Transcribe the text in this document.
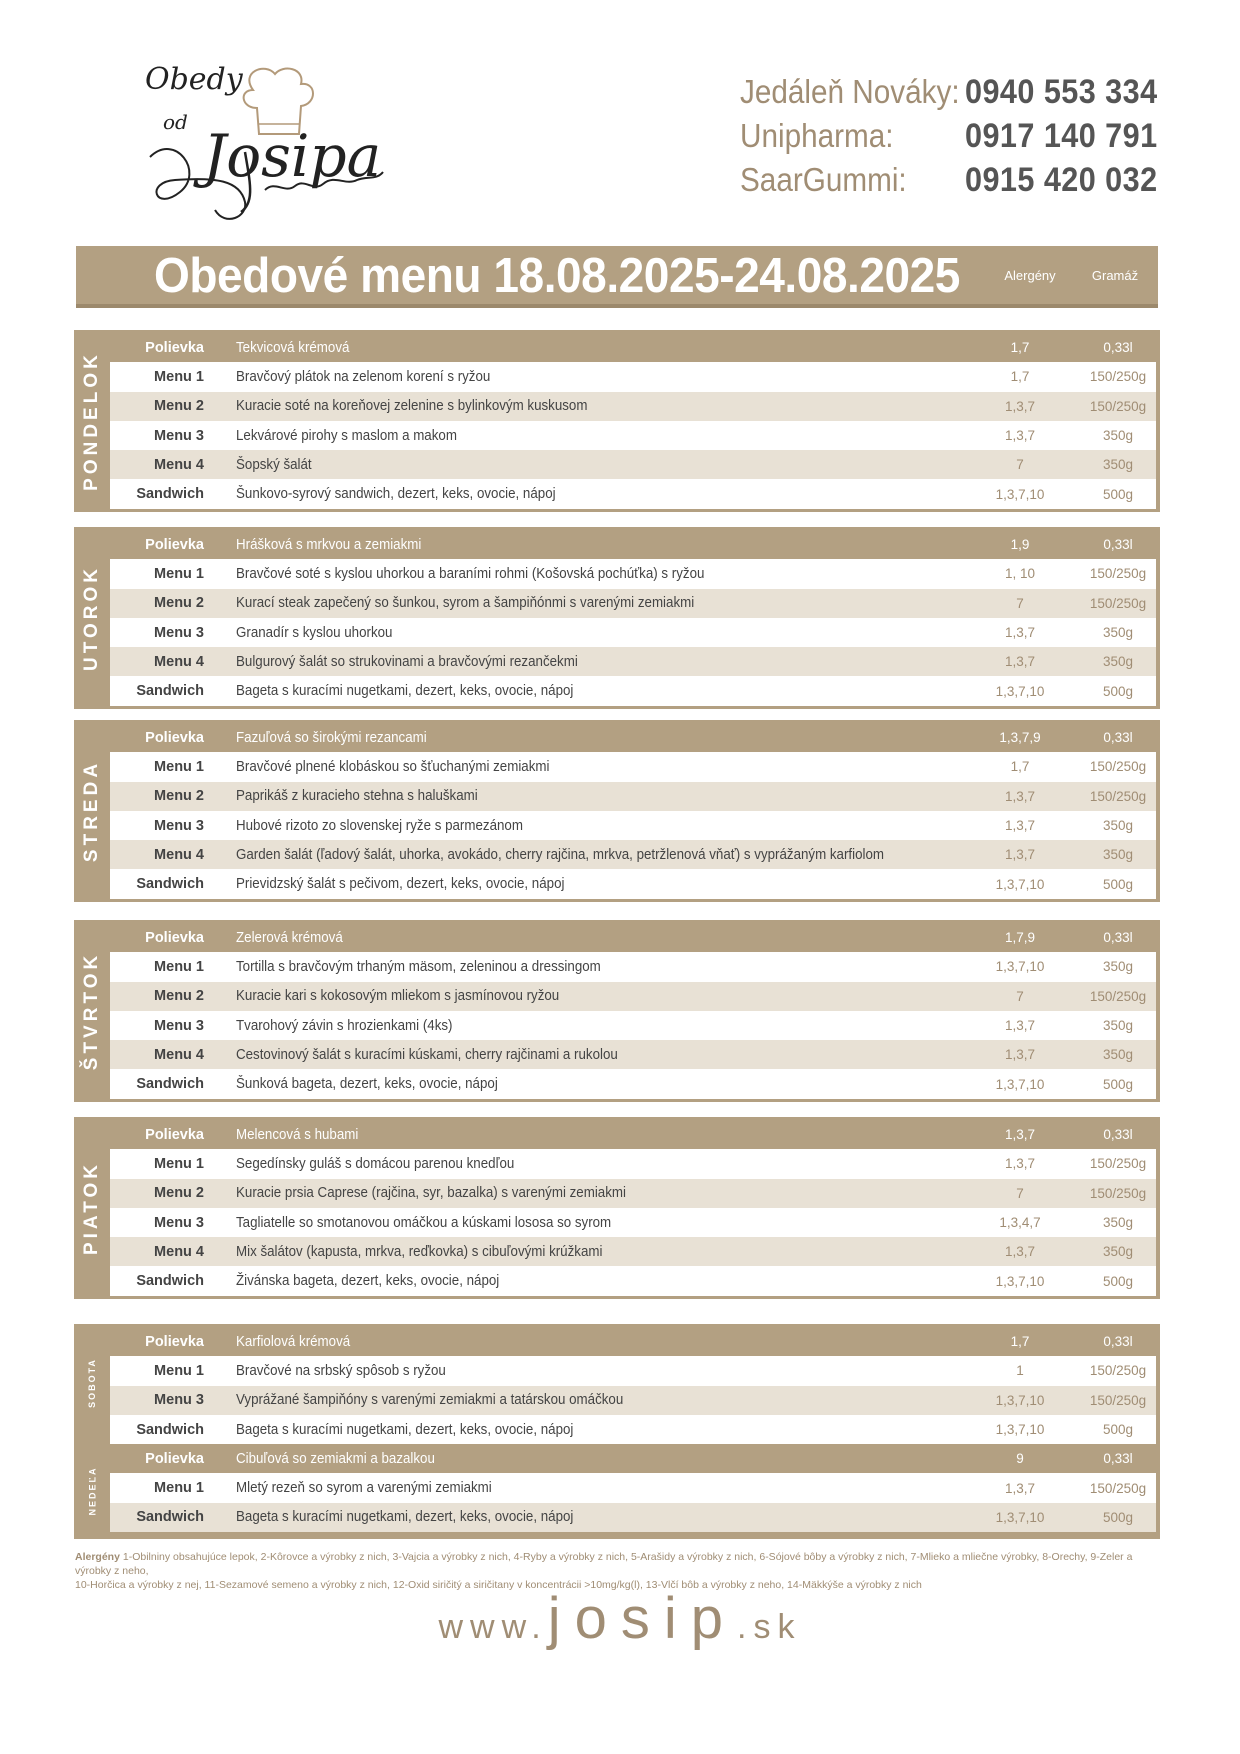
Obedy
od Josipa
Jedáleň Nováky: 0940 553 334
Unipharma:	0917 140 791
SaarGummi:	0915 420 032
Obedové menu 18.08.2025-24.08.2025	Alergény	Gramáž
PONDELOK
Polievka Tekvicová krémová	1,7	0,33l
Menu 1 Bravčový plátok na zelenom korení s ryžou	1,7	150/250g
Menu 2 Kuracie soté na koreňovej zelenine s bylinkovým kuskusom	1,3,7	150/250g
Menu 3 Lekvárové pirohy s maslom a makom	1,3,7	350g
Menu 4 Šopský šalát	7	350g
Sandwich Šunkovo-syrový sandwich, dezert, keks, ovocie, nápoj	1,3,7,10	500g
UTOROK
Polievka Hrášková s mrkvou a zemiakmi	1,9	0,33l
Menu 1 Bravčové soté s kyslou uhorkou a baraními rohmi (Košovská pochúťka) s ryžou	1, 10	150/250g
Menu 2 Kurací steak zapečený so šunkou, syrom a šampiňónmi s varenými zemiakmi	7	150/250g
Menu 3 Granadír s kyslou uhorkou	1,3,7	350g
Menu 4 Bulgurový šalát so strukovinami a bravčovými rezančekmi	1,3,7	350g
Sandwich Bageta s kuracími nugetkami, dezert, keks, ovocie, nápoj	1,3,7,10	500g
STREDA
Polievka Fazuľová so širokými rezancami	1,3,7,9	0,33l
Menu 1 Bravčové plnené klobáskou so šťuchanými zemiakmi	1,7	150/250g
Menu 2 Paprikáš z kuracieho stehna s haluškami	1,3,7	150/250g
Menu 3 Hubové rizoto zo slovenskej ryže s parmezánom	1,3,7	350g
Menu 4 Garden šalát (ľadový šalát, uhorka, avokádo, cherry rajčina, mrkva, petržlenová vňať) s vyprážaným karfiolom	1,3,7	350g
Sandwich Prievidzský šalát s pečivom, dezert, keks, ovocie, nápoj	1,3,7,10	500g
ŠTVRTOK
Polievka Zelerová krémová	1,7,9	0,33l
Menu 1 Tortilla s bravčovým trhaným mäsom, zeleninou a dressingom	1,3,7,10	350g
Menu 2 Kuracie kari s kokosovým mliekom s jasmínovou ryžou	7	150/250g
Menu 3 Tvarohový závin s hrozienkami (4ks)	1,3,7	350g
Menu 4 Cestovinový šalát s kuracími kúskami, cherry rajčinami a rukolou	1,3,7	350g
Sandwich Šunková bageta, dezert, keks, ovocie, nápoj	1,3,7,10	500g
PIATOK
Polievka Melencová s hubami	1,3,7	0,33l
Menu 1 Segedínsky guláš s domácou parenou knedľou	1,3,7	150/250g
Menu 2 Kuracie prsia Caprese (rajčina, syr, bazalka) s varenými zemiakmi	7	150/250g
Menu 3 Tagliatelle so smotanovou omáčkou a kúskami lososa so syrom	1,3,4,7	350g
Menu 4 Mix šalátov (kapusta, mrkva, reďkovka) s cibuľovými krúžkami	1,3,7	350g
Sandwich Živánska bageta, dezert, keks, ovocie, nápoj	1,3,7,10	500g
SOBOTA
NEDEĽA
Polievka Karfiolová krémová	1,7	0,33l
Menu 1 Bravčové na srbský spôsob s ryžou	1	150/250g
Menu 3 Vyprážané šampiňóny s varenými zemiakmi a tatárskou omáčkou	1,3,7,10	150/250g
Sandwich Bageta s kuracími nugetkami, dezert, keks, ovocie, nápoj	1,3,7,10	500g
Polievka Cibuľová so zemiakmi a bazalkou	9	0,33l
Menu 1 Mletý rezeň so syrom a varenými zemiakmi	1,3,7	150/250g
Sandwich Bageta s kuracími nugetkami, dezert, keks, ovocie, nápoj	1,3,7,10	500g
Alergény 1-Obilniny obsahujúce lepok, 2-Kôrovce a výrobky z nich, 3-Vajcia a výrobky z nich, 4-Ryby a výrobky z nich, 5-Arašidy a výrobky z nich, 6-Sójové bôby a výrobky z nich, 7-Mlieko a mliečne výrobky, 8-Orechy, 9-Zeler a výrobky z neho,
10-Horčica a výrobky z nej, 11-Sezamové semeno a výrobky z nich, 12-Oxid siričitý a siričitany v koncentrácii >10mg/kg(l), 13-Vlčí bôb a výrobky z neho, 14-Mäkkýše a výrobky z nich
www.josip.sk
